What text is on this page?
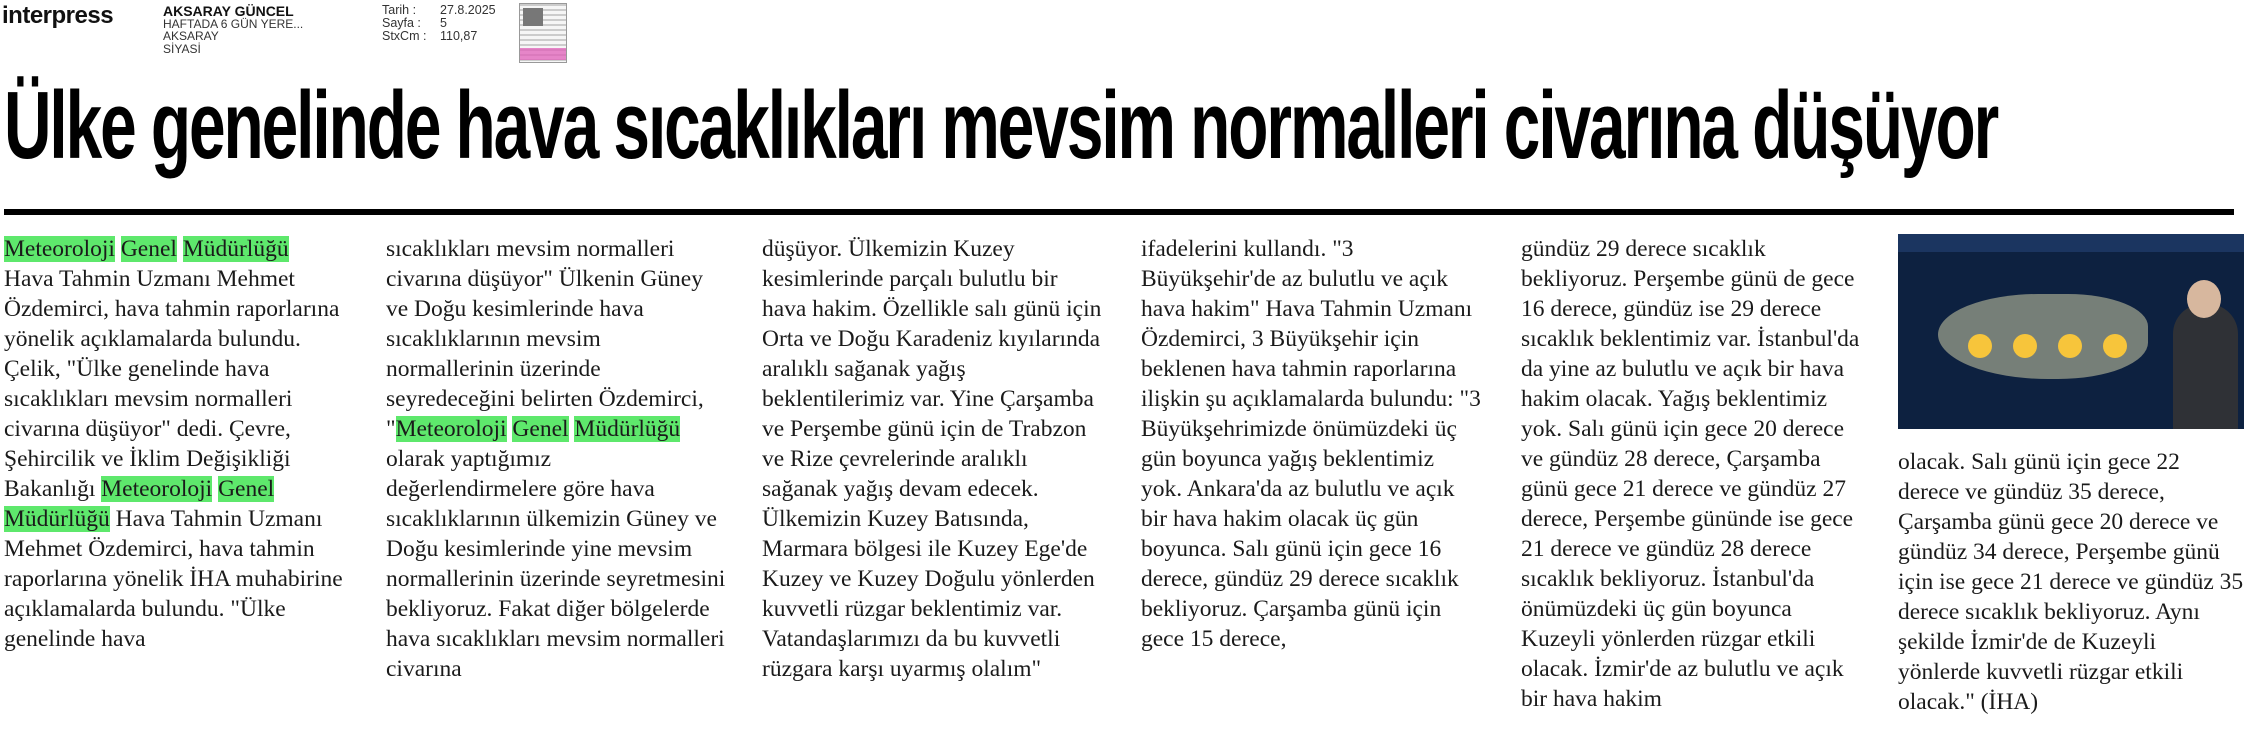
interpress	AKSARAY GÜNCEL
HAFTADA 6 GÜN YERE...
AKSARAY
SİYASİ
Tarih :	27.8.2025
Sayfa :	5
StxCm :	110,87
Ülke genelinde hava sıcaklıkları mevsim normalleri civarına düşüyor
Meteoroloji Genel Müdürlüğü Hava Tahmin Uzmanı Mehmet Özdemirci, hava tahmin raporlarına yönelik açıklamalarda bulundu. Çelik, "Ülke genelinde hava sıcaklıkları mevsim normalleri civarına düşüyor" dedi. Çevre, Şehircilik ve İklim Değişikliği Bakanlığı Meteoroloji Genel Müdürlüğü Hava Tahmin Uzmanı Mehmet Özdemirci, hava tahmin raporlarına yönelik İHA muhabirine açıklamalarda bulundu. "Ülke genelinde hava
sıcaklıkları mevsim normalleri civarına düşüyor" Ülkenin Güney ve Doğu kesimlerinde hava sıcaklıklarının mevsim normallerinin üzerinde seyredeceğini belirten Özdemirci, "Meteoroloji Genel Müdürlüğü olarak yaptığımız değerlendirmelere göre hava sıcaklıklarının ülkemizin Güney ve Doğu kesimlerinde yine mevsim normallerinin üzerinde seyretmesini bekliyoruz. Fakat diğer bölgelerde hava sıcaklıkları mevsim normalleri civarına
düşüyor. Ülkemizin Kuzey kesimlerinde parçalı bulutlu bir hava hakim. Özellikle salı günü için Orta ve Doğu Karadeniz kıyılarında aralıklı sağanak yağış beklentilerimiz var. Yine Çarşamba ve Perşembe günü için de Trabzon ve Rize çevrelerinde aralıklı sağanak yağış devam edecek. Ülkemizin Kuzey Batısında, Marmara bölgesi ile Kuzey Ege'de Kuzey ve Kuzey Doğulu yönlerden kuvvetli rüzgar beklentimiz var. Vatandaşlarımızı da bu kuvvetli rüzgara karşı uyarmış olalım"
ifadelerini kullandı. "3 Büyükşehir'de az bulutlu ve açık hava hakim" Hava Tahmin Uzmanı Özdemirci, 3 Büyükşehir için beklenen hava tahmin raporlarına ilişkin şu açıklamalarda bulundu: "3 Büyükşehrimizde önümüzdeki üç gün boyunca yağış beklentimiz yok. Ankara'da az bulutlu ve açık bir hava hakim olacak üç gün boyunca. Salı günü için gece 16 derece, gündüz 29 derece sıcaklık bekliyoruz. Çarşamba günü için gece 15 derece,
gündüz 29 derece sıcaklık bekliyoruz. Perşembe günü de gece 16 derece, gündüz ise 29 derece sıcaklık beklentimiz var. İstanbul'da da yine az bulutlu ve açık bir hava hakim olacak. Yağış beklentimiz yok. Salı günü için gece 20 derece ve gündüz 28 derece, Çarşamba günü gece 21 derece ve gündüz 27 derece, Perşembe gününde ise gece 21 derece ve gündüz 28 derece sıcaklık bekliyoruz. İstanbul'da önümüzdeki üç gün boyunca Kuzeyli yönlerden rüzgar etkili olacak. İzmir'de az bulutlu ve açık bir hava hakim
olacak. Salı günü için gece 22 derece ve gündüz 35 derece, Çarşamba günü gece 20 derece ve gündüz 34 derece, Perşembe günü için ise gece 21 derece ve gündüz 35 derece sıcaklık bekliyoruz. Aynı şekilde İzmir'de de Kuzeyli yönlerde kuvvetli rüzgar etkili olacak." (İHA)
